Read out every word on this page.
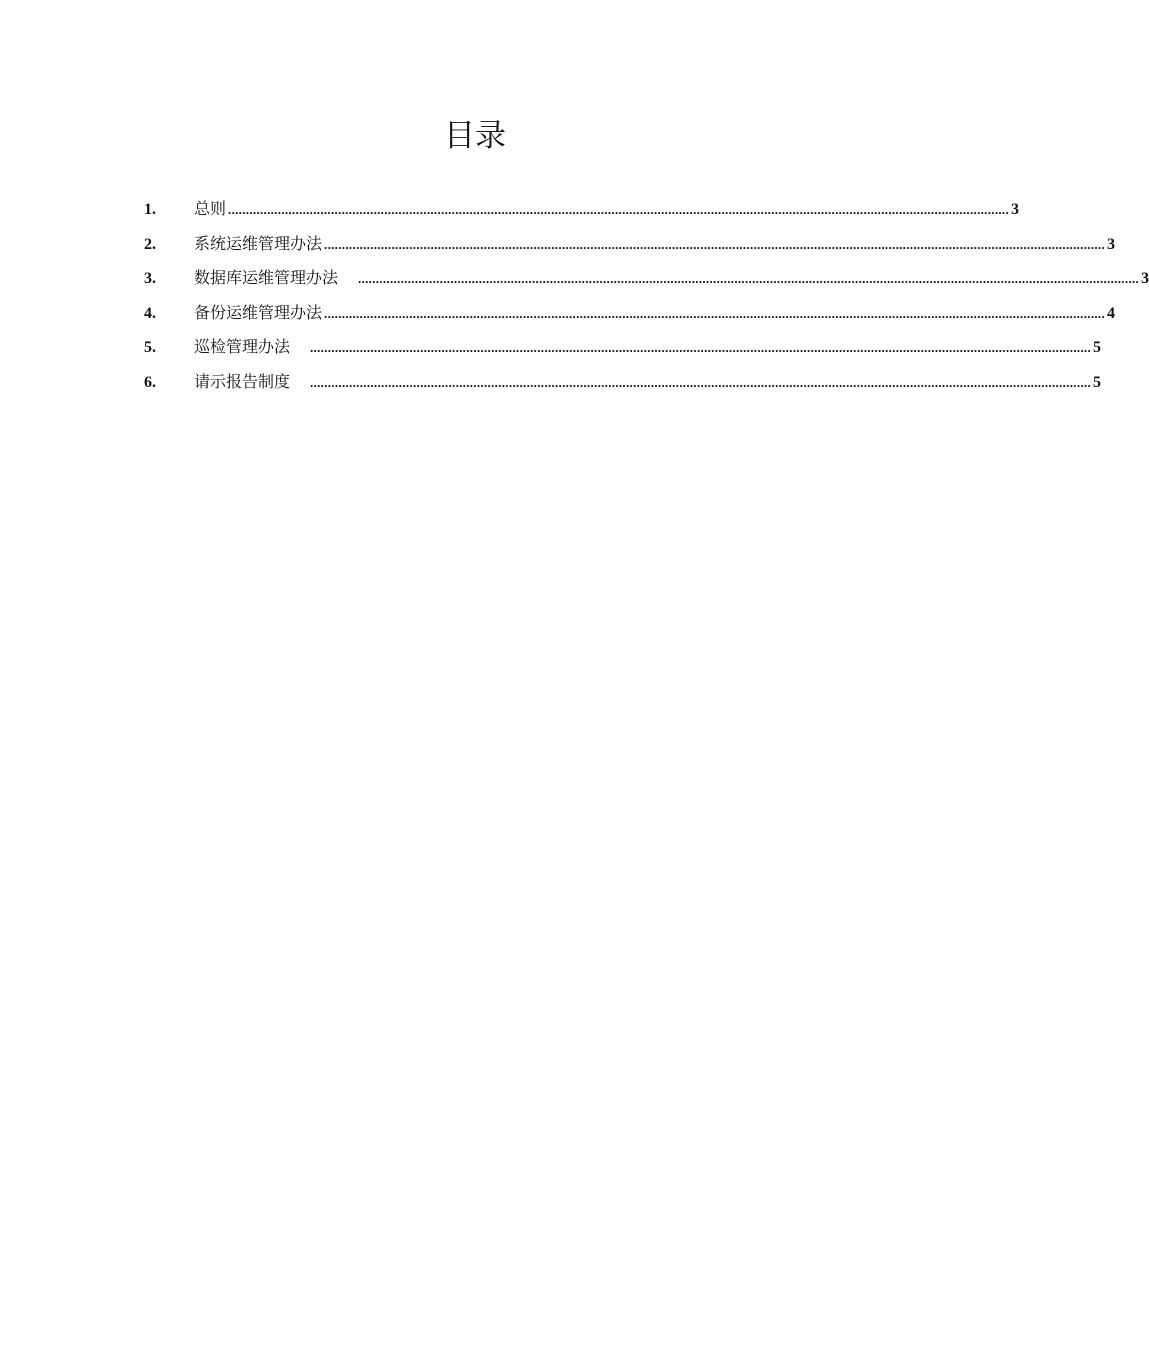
目录
1.	总则 ............................................................................................................................................................................................................................ 3
2.	系统运维管理办法 ............................................................................................................................................................................................................................ 3
3.	数据库运维管理办法 ............................................................................................................................................................................................................................ 3
4.	备份运维管理办法 ............................................................................................................................................................................................................................ 4
5.	巡检管理办法 ............................................................................................................................................................................................................................ 5
6.	请示报告制度 ............................................................................................................................................................................................................................ 5
